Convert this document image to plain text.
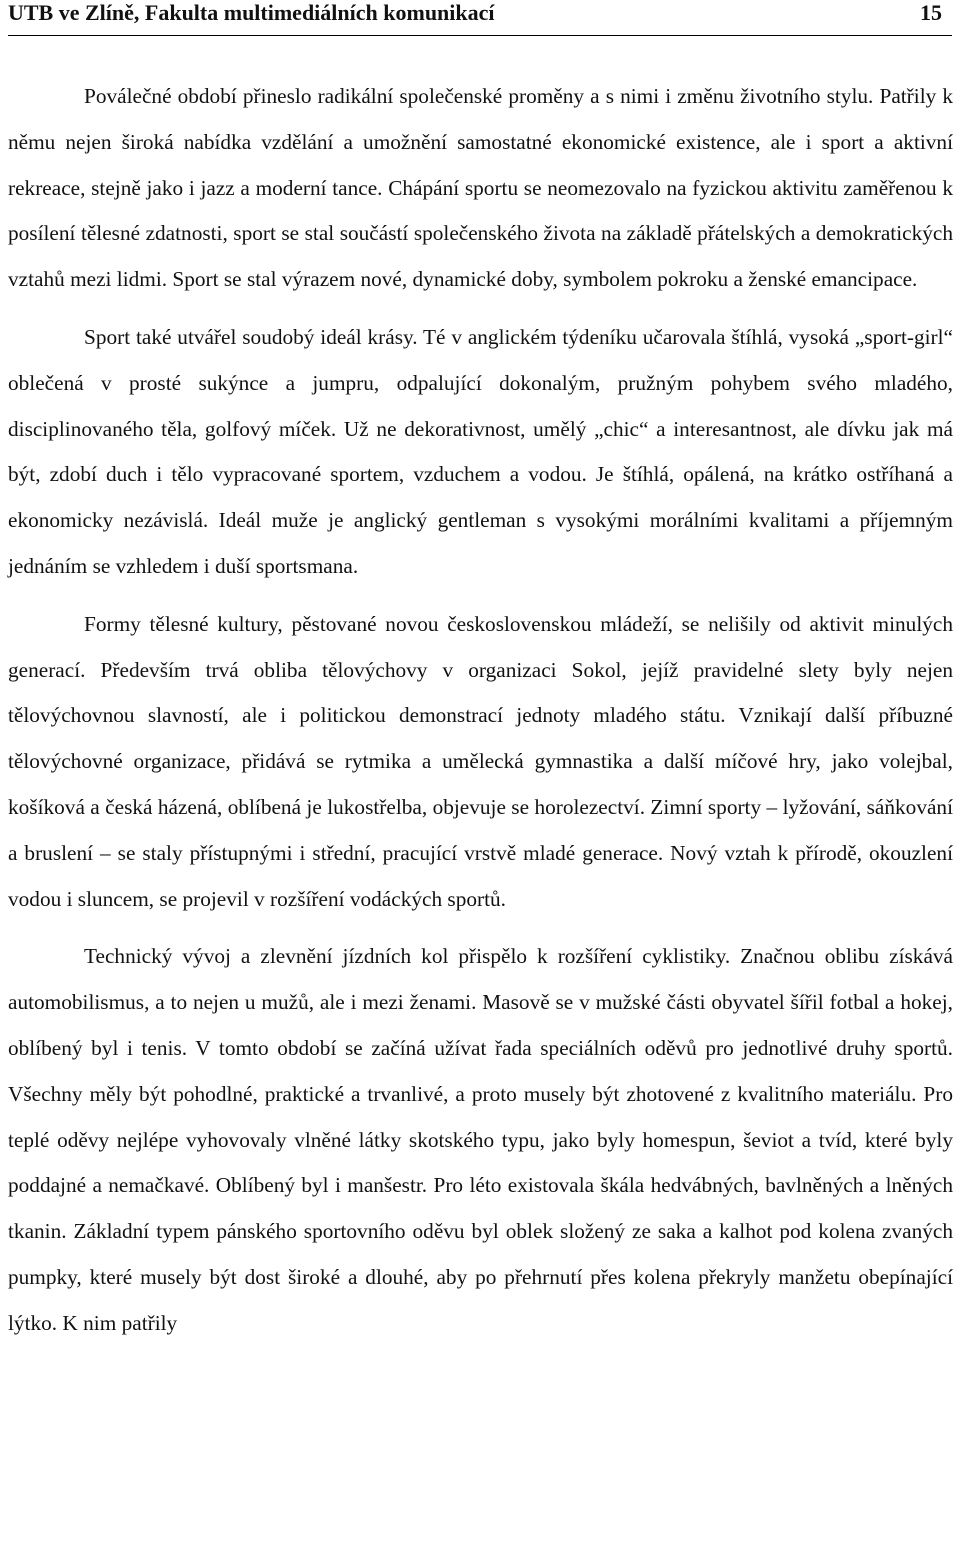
UTB ve Zlíně, Fakulta multimediálních komunikací	15

Poválečné období přineslo radikální společenské proměny a s nimi i změnu životního stylu. Patřily k němu nejen široká nabídka vzdělání a umožnění samostatné ekonomické existence, ale i sport a aktivní rekreace, stejně jako i jazz a moderní tance. Chápání sportu se neomezovalo na fyzickou aktivitu zaměřenou k posílení tělesné zdatnosti, sport se stal součástí společenského života na základě přátelských a demokratických vztahů mezi lidmi. Sport se stal výrazem nové, dynamické doby, symbolem pokroku a ženské emancipace.

Sport také utvářel soudobý ideál krásy. Té v anglickém týdeníku učarovala štíhlá, vysoká „sport-girl“ oblečená v prosté sukýnce a jumpru, odpalující dokonalým, pružným pohybem svého mladého, disciplinovaného těla, golfový míček. Už ne dekorativnost, umělý „chic“ a interesantnost, ale dívku jak má být, zdobí duch i tělo vypracované sportem, vzduchem a vodou. Je štíhlá, opálená, na krátko ostříhaná a ekonomicky nezávislá. Ideál muže je anglický gentleman s vysokými morálními kvalitami a příjemným jednáním se vzhledem i duší sportsmana.

Formy tělesné kultury, pěstované novou československou mládeží, se nelišily od aktivit minulých generací. Především trvá obliba tělovýchovy v organizaci Sokol, jejíž pravidelné slety byly nejen tělovýchovnou slavností, ale i politickou demonstrací jednoty mladého státu. Vznikají další příbuzné tělovýchovné organizace, přidává se rytmika a umělecká gymnastika a další míčové hry, jako volejbal, košíková a česká házená, oblíbená je lukostřelba, objevuje se horolezectví. Zimní sporty – lyžování, sáňkování a bruslení – se staly přístupnými i střední, pracující vrstvě mladé generace. Nový vztah k přírodě, okouzlení vodou i sluncem, se projevil v rozšíření vodáckých sportů.

Technický vývoj a zlevnění jízdních kol přispělo k rozšíření cyklistiky. Značnou oblibu získává automobilismus, a to nejen u mužů, ale i mezi ženami. Masově se v mužské části obyvatel šířil fotbal a hokej, oblíbený byl i tenis. V tomto období se začíná užívat řada speciálních oděvů pro jednotlivé druhy sportů. Všechny měly být pohodlné, praktické a trvanlivé, a proto musely být zhotovené z kvalitního materiálu. Pro teplé oděvy nejlépe vyhovovaly vlněné látky skotského typu, jako byly homespun, ševiot a tvíd, které byly poddajné a nemačkavé. Oblíbený byl i manšestr. Pro léto existovala škála hedvábných, bavlněných a lněných tkanin. Základní typem pánského sportovního oděvu byl oblek složený ze saka a kalhot pod kolena zvaných pumpky, které musely být dost široké a dlouhé, aby po přehrnutí přes kolena překryly manžetu obepínající lýtko. K nim patřily
